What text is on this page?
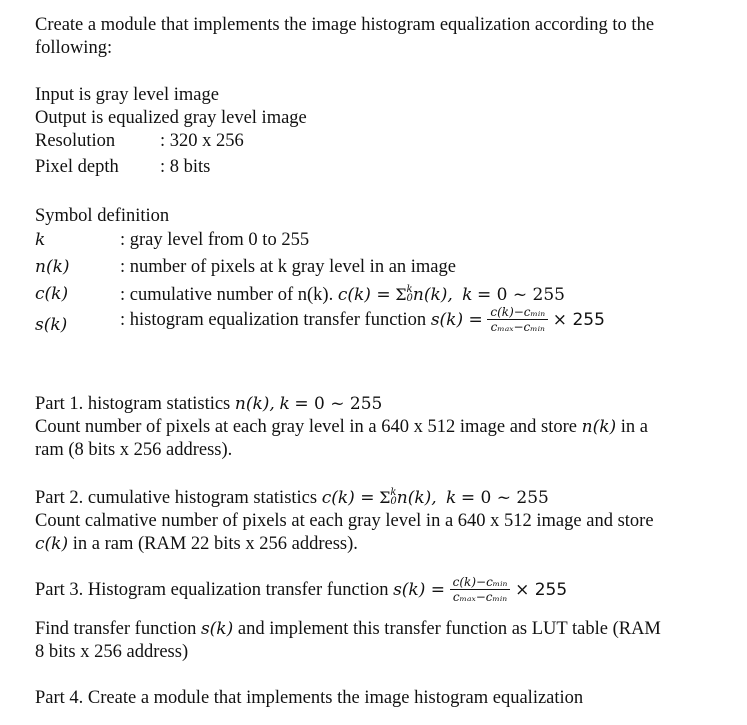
Create a module that implements the image histogram equalization according to the
following:
Input is gray level image
Output is equalized gray level image
Resolution : 320 x 256
Pixel depth : 8 bits
Symbol definition
k	: gray level from 0 to 255
n(k)	: number of pixels at k gray level in an image
c(k)	: cumulative number of n(k). c(k) = Σ k
0 n(k), k = 0 ~ 255
s(k)	: histogram equalization transfer function $s(k) = \frac{\text{c(k)−cₘᵢₙ}}{\text{cₘₐₓ−cₘᵢₙ}} \times 255$
Part 1. histogram statistics n(k), k = 0 ~ 255
Count number of pixels at each gray level in a 640 x 512 image and store n(k) in a
ram (8 bits x 256 address).
Part 2. cumulative histogram statistics c(k) = Σ k
0 n(k), k = 0 ~ 255
Count calmative number of pixels at each gray level in a 640 x 512 image and store
c(k) in a ram (RAM 22 bits x 256 address).
Part 3. Histogram equalization transfer function $s(k) = \frac{\text{c(k)−cₘᵢₙ}}{\text{cₘₐₓ−cₘᵢₙ}} \times 255$
Find transfer function s(k) and implement this transfer function as LUT table (RAM
8 bits x 256 address)
Part 4. Create a module that implements the image histogram equalization
